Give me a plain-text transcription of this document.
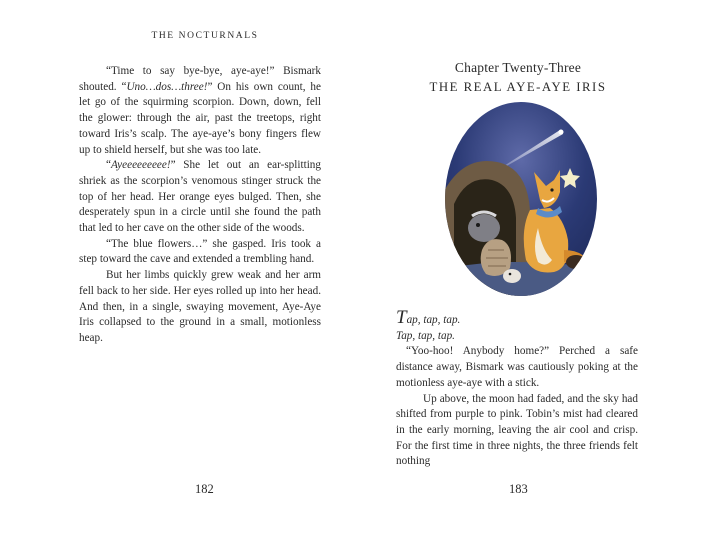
THE NOCTURNALS

“Time to say bye-bye, aye-aye!” Bismark shouted. “Uno…dos…three!” On his own count, he let go of the squirming scorpion. Down, down, fell the glower: through the air, past the treetops, right toward Iris’s scalp. The aye-aye’s bony fingers flew up to shield herself, but she was too late.

“Ayeeeeeeeee!” She let out an ear-splitting shriek as the scorpion’s venomous stinger struck the top of her head. Her orange eyes bulged. Then, she desperately spun in a circle until she found the path that led to her cave on the other side of the woods.

“The blue flowers…” she gasped. Iris took a step toward the cave and extended a trembling hand.

But her limbs quickly grew weak and her arm fell back to her side. Her eyes rolled up into her head. And then, in a single, swaying movement, Aye-Aye Iris collapsed to the ground in a small, motionless heap.

182
Chapter Twenty-Three
THE REAL AYE-AYE IRIS

Tap, tap, tap.

Tap, tap, tap.

“Yoo-hoo! Anybody home?” Perched a safe distance away, Bismark was cautiously poking at the motionless aye-aye with a stick.

Up above, the moon had faded, and the sky had shifted from purple to pink. Tobin’s mist had cleared in the early morning, leaving the air cool and crisp. For the first time in three nights, the three friends felt nothing

183
